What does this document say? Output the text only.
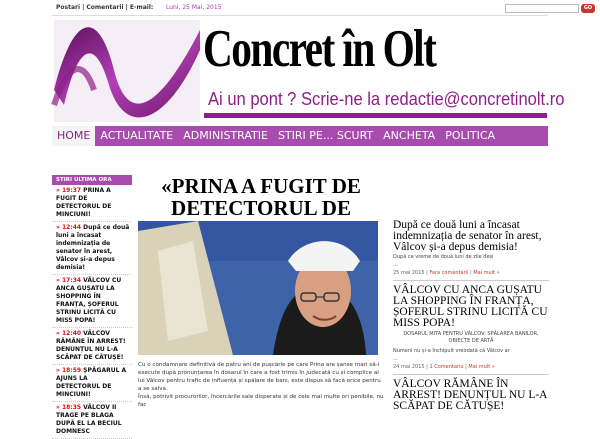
Postari | Comentarii | E-mail: Luni, 25 Mai, 2015	GO
Concret în Olt
Ai un pont ? Scrie-ne la redactie@concretinolt.ro
HOME ACTUALITATE ADMINISTRATIE STIRI PE... SCURT ANCHETA POLITICA
STIRI ULTIMA ORA
» 19:37 PRINA A FUGIT DE DETECTORUL DE MINCIUNI!
» 12:44 După ce două luni a încasat indemnizația de senator în arest, Vâlcov și-a depus demisia!
» 17:34 VÂLCOV CU ANCA GUȘATU LA SHOPPING ÎN FRANȚA, ȘOFERUL STRINU LICITĂ CU MISS POPA!
» 12:40 VÂLCOV RĂMÂNE ÎN ARREST! DENUNȚUL NU L-A SCĂPAT DE CĂTUȘE!
» 18:59 ȘPĂGARUL A AJUNS LA DETECTORUL DE MINCIUNI!
» 18:35 VÂLCOV II TRAGE PE BLAGA DUPĂ EL LA BECIUL DOMNESC
«PRINA A FUGIT DE DETECTORUL DE

Cu o condamnare definitivă de patru ani de pușcărie pe care Prina are șanse mari să-i execute după pronunțarea în dosarul în care a fost trimis în judecată cu și complice al lui Vâlcov pentru trafic de influență și spălare de bani, este dispus să facă orice pentru a se salva.

Însă, potrivit procurorilor, încercările sale disperate și de cele mai multe ori penibile, nu fac

După ce două luni a încasat indemnizația de senator în arest, Vâlcov și-a depus demisia!
După ce vreme de două luni de zile deși
...
25 mai 2015 | Fara comentarii | Mai mult »
VÂLCOV CU ANCA GUȘATU LA SHOPPING ÎN FRANȚA, ȘOFERUL STRINU LICITĂ CU MISS POPA!
DOSARUL MITA PENTRU VÂLCOV: SPĂLAREA BANILOR, OBIECTE DE ARTĂ
Numeni nu și-a închipuit vreodată că Vâlcov ar
...
24 mai 2015 | 1 Comentariu | Mai mult »
VÂLCOV RĂMÂNE ÎN ARREST! DENUNȚUL NU L-A SCĂPAT DE CĂTUȘE!
